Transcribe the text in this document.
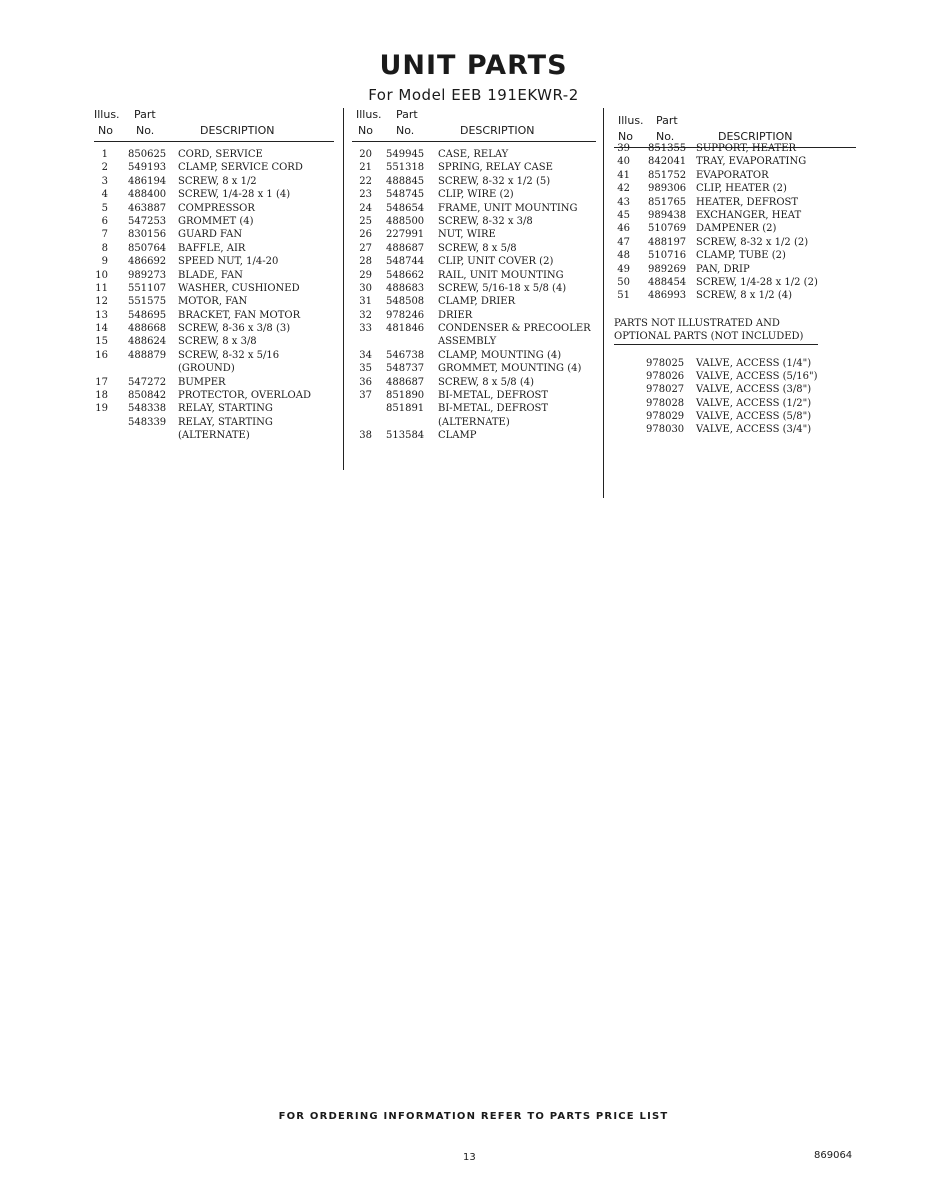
UNIT PARTS
For Model EEB 191EKWR-2
Illus. Part
No No.	DESCRIPTION
1 850625 CORD, SERVICE
2 549193 CLAMP, SERVICE CORD
3 486194 SCREW, 8 x 1/2
4 488400 SCREW, 1/4-28 x 1 (4)
5 463887 COMPRESSOR
6 547253 GROMMET (4)
7 830156 GUARD FAN
8 850764 BAFFLE, AIR
9 486692 SPEED NUT, 1/4-20
10 989273 BLADE, FAN
11 551107 WASHER, CUSHIONED
12 551575 MOTOR, FAN
13 548695 BRACKET, FAN MOTOR
14 488668 SCREW, 8-36 x 3/8 (3)
15 488624 SCREW, 8 x 3/8
16 488879 SCREW, 8-32 x 5/16
(GROUND)
17 547272 BUMPER
18 850842 PROTECTOR, OVERLOAD
19 548338 RELAY, STARTING
548339 RELAY, STARTING
(ALTERNATE)
Illus. Part
No No.	DESCRIPTION
20 549945 CASE, RELAY
21 551318 SPRING, RELAY CASE
22 488845 SCREW, 8-32 x 1/2 (5)
23 548745 CLIP, WIRE (2)
24 548654 FRAME, UNIT MOUNTING
25 488500 SCREW, 8-32 x 3/8
26 227991 NUT, WIRE
27 488687 SCREW, 8 x 5/8
28 548744 CLIP, UNIT COVER (2)
29 548662 RAIL, UNIT MOUNTING
30 488683 SCREW, 5/16-18 x 5/8 (4)
31 548508 CLAMP, DRIER
32 978246 DRIER
33 481846 CONDENSER & PRECOOLER
ASSEMBLY
34 546738 CLAMP, MOUNTING (4)
35 548737 GROMMET, MOUNTING (4)
36 488687 SCREW, 8 x 5/8 (4)
37 851890 BI-METAL, DEFROST
851891 BI-METAL, DEFROST
(ALTERNATE)
38 513584 CLAMP
Illus. Part
No No.	DESCRIPTION
39 851355 SUPPORT, HEATER
40 842041 TRAY, EVAPORATING
41 851752 EVAPORATOR
42 989306 CLIP, HEATER (2)
43 851765 HEATER, DEFROST
45 989438 EXCHANGER, HEAT
46 510769 DAMPENER (2)
47 488197 SCREW, 8-32 x 1/2 (2)
48 510716 CLAMP, TUBE (2)
49 989269 PAN, DRIP
50 488454 SCREW, 1/4-28 x 1/2 (2)
51 486993 SCREW, 8 x 1/2 (4)
PARTS NOT ILLUSTRATED AND
OPTIONAL PARTS (NOT INCLUDED)
978025 VALVE, ACCESS (1/4")
978026 VALVE, ACCESS (5/16")
978027 VALVE, ACCESS (3/8")
978028 VALVE, ACCESS (1/2")
978029 VALVE, ACCESS (5/8")
978030 VALVE, ACCESS (3/4")
FOR ORDERING INFORMATION REFER TO PARTS PRICE LIST
13	869064
